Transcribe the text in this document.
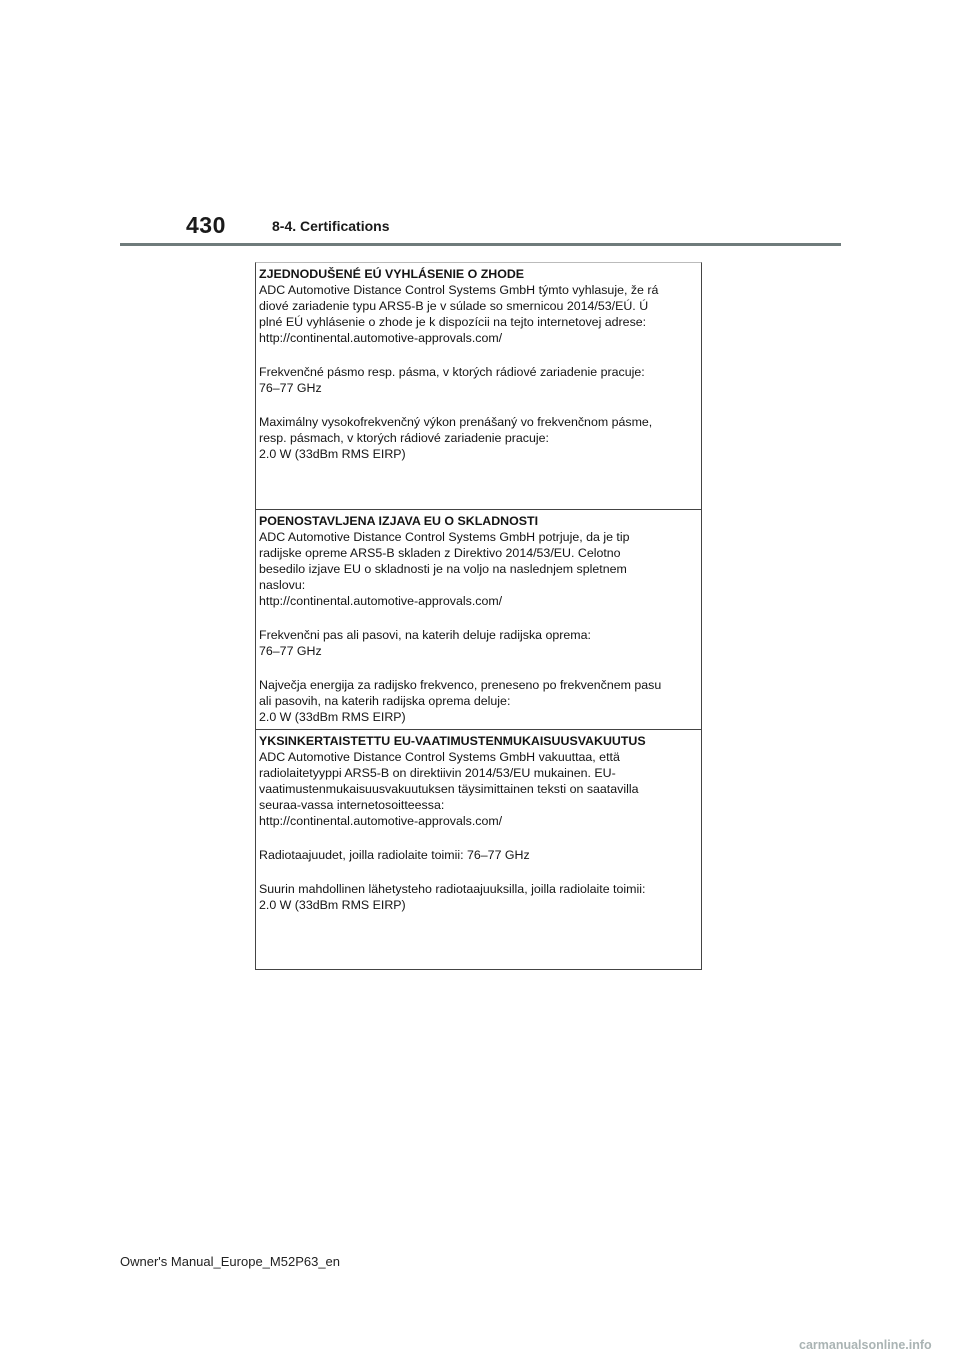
430	8-4. Certifications

ZJEDNODUŠENÉ EÚ VYHLÁSENIE O ZHODE

ADC Automotive Distance Control Systems GmbH týmto vyhlasuje, že rá

diové zariadenie typu ARS5-B je v súlade so smernicou 2014/53/EÚ. Ú

plné EÚ vyhlásenie o zhode je k dispozícii na tejto internetovej adrese:

http://continental.automotive-approvals.com/

Frekvenčné pásmo resp. pásma, v ktorých rádiové zariadenie pracuje:

76–77 GHz

Maximálny vysokofrekvenčný výkon prenášaný vo frekvenčnom pásme,

resp. pásmach, v ktorých rádiové zariadenie pracuje:

2.0 W (33dBm RMS EIRP)

POENOSTAVLJENA IZJAVA EU O SKLADNOSTI

ADC Automotive Distance Control Systems GmbH potrjuje, da je tip

radijske opreme ARS5-B skladen z Direktivo 2014/53/EU. Celotno

besedilo izjave EU o skladnosti je na voljo na naslednjem spletnem

naslovu:

http://continental.automotive-approvals.com/

Frekvenčni pas ali pasovi, na katerih deluje radijska oprema:

76–77 GHz

Največja energija za radijsko frekvenco, preneseno po frekvenčnem pasu

ali pasovih, na katerih radijska oprema deluje:

2.0 W (33dBm RMS EIRP)

YKSINKERTAISTETTU EU-VAATIMUSTENMUKAISUUSVAKUUTUS

ADC Automotive Distance Control Systems GmbH vakuuttaa, että

radiolaitetyyppi ARS5-B on direktiivin 2014/53/EU mukainen. EU-

vaatimustenmukaisuusvakuutuksen täysimittainen teksti on saatavilla

seuraa-vassa internetosoitteessa:

http://continental.automotive-approvals.com/

Radiotaajuudet, joilla radiolaite toimii: 76–77 GHz

Suurin mahdollinen lähetysteho radiotaajuuksilla, joilla radiolaite toimii:

2.0 W (33dBm RMS EIRP)

Owner's Manual_Europe_M52P63_en
carmanualsonline.info
